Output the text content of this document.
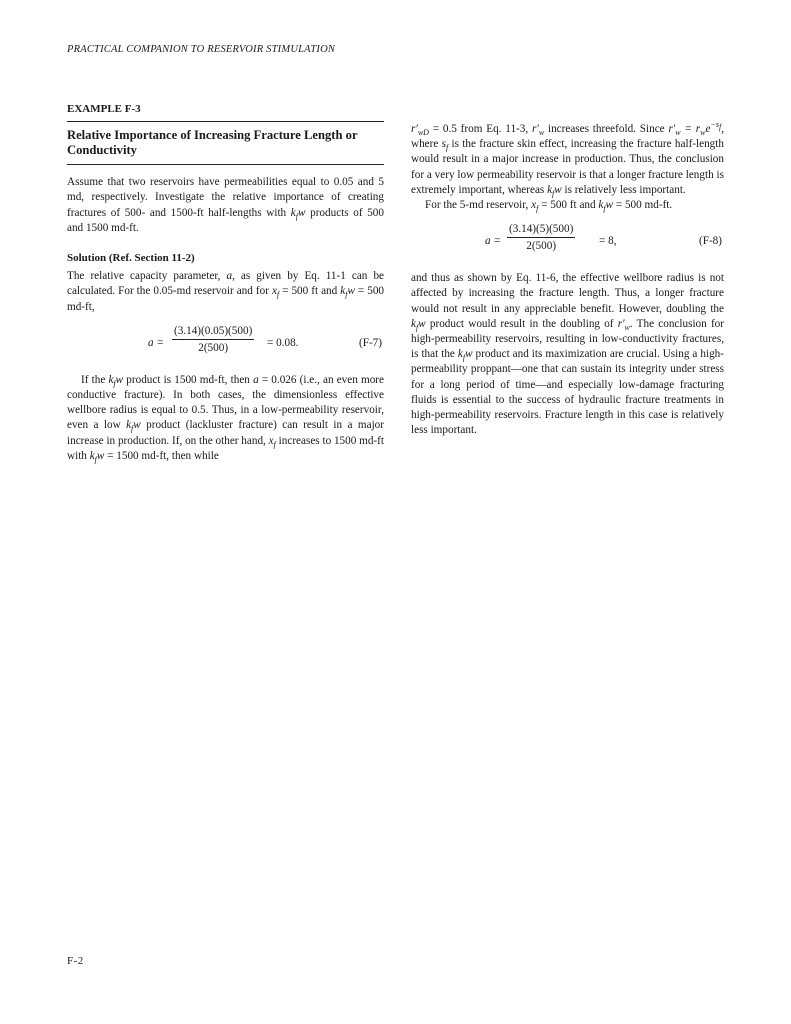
PRACTICAL COMPANION TO RESERVOIR STIMULATION
EXAMPLE F-3
Relative Importance of Increasing Fracture Length or Conductivity

Assume that two reservoirs have permeabilities equal to 0.05 and 5 md, respectively. Investigate the relative importance of creating fractures of 500- and 1500-ft half-lengths with $k_fw$ products of 500 and 1500 md-ft.

Solution (Ref. Section 11-2)

The relative capacity parameter, a, as given by Eq. 11-1 can be calculated. For the 0.05-md reservoir and for $x_f = 500$ ft and $k_fw = 500$ md-ft,

$a = \frac{(3.14)(0.05)(500)}{2(500)} = 0.08$.	(F-7)

If the $k_fw$ product is 1500 md-ft, then a = 0.026 (i.e., an even more conductive fracture). In both cases, the dimensionless effective wellbore radius is equal to 0.5. Thus, in a low-permeability reservoir, even a low $k_fw$ product (lackluster fracture) can result in a major increase in production. If, on the other hand, $x_f$ increases to 1500 md-ft with $k_fw = 1500$ md-ft, then while

$r'_{wD} = 0.5$ from Eq. 11-3, $r'_w$ increases threefold. Since $r'_w = r_we^{-s_f}$, where $s_f$ is the fracture skin effect, increasing the fracture half-length would result in a major increase in production. Thus, the conclusion for a very low permeability reservoir is that a longer fracture length is extremely important, whereas $k_fw$ is relatively less important.

For the 5-md reservoir, $x_f = 500$ ft and $k_fw = 500$ md-ft.

$a = \frac{(3.14)(5)(500)}{2(500)} = 8$,	(F-8)

and thus as shown by Eq. 11-6, the effective wellbore radius is not affected by increasing the fracture length. Thus, a longer fracture would not result in any appreciable benefit. However, doubling the $k_fw$ product would result in the doubling of $r'_w$. The conclusion for high-permeability reservoirs, resulting in low-conductivity fractures, is that the $k_fw$ product and its maximization are crucial. Using a high-permeability proppant—one that can sustain its integrity under stress for a long period of time—and especially low-damage fracturing fluids is essential to the success of hydraulic fracture treatments in high-permeability reservoirs. Fracture length in this case is relatively less important.

F-2
